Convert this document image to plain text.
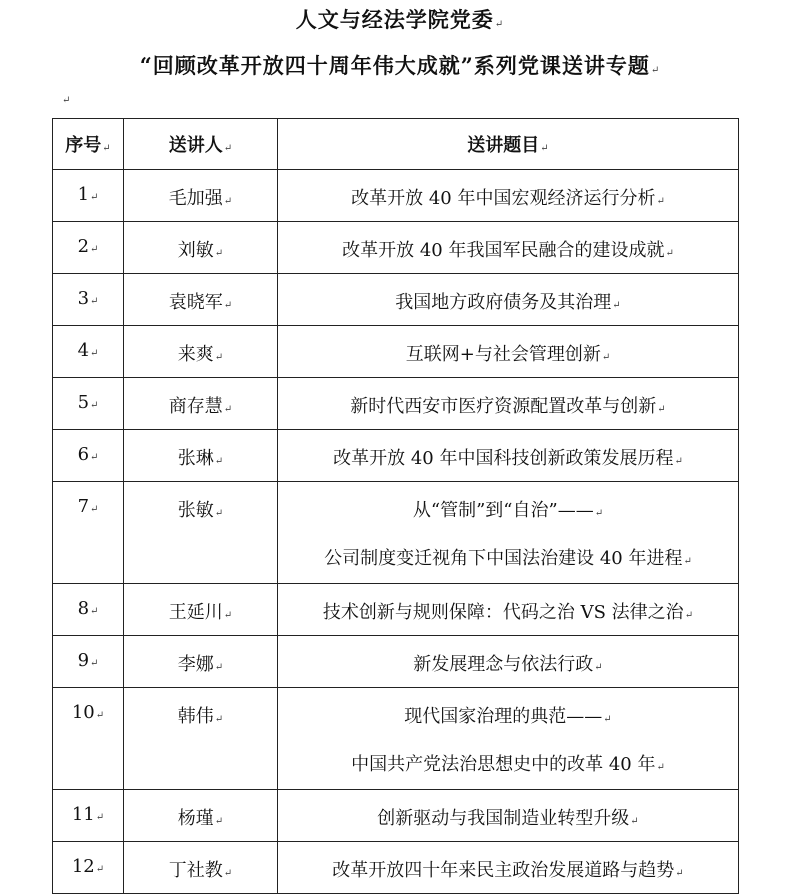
人文与经法学院党委↵
“回顾改革开放四十周年伟大成就”系列党课送讲专题↵
↵
序号↵	送讲人↵	送讲题目↵
1↵	毛加强↵	改革开放 40 年中国宏观经济运行分析↵
2↵	刘敏↵	改革开放 40 年我国军民融合的建设成就↵
3↵	袁晓军↵	我国地方政府债务及其治理↵
4↵	来爽↵	互联网+与社会管理创新↵
5↵	商存慧↵	新时代西安市医疗资源配置改革与创新↵
6↵	张琳↵	改革开放 40 年中国科技创新政策发展历程↵
7↵	张敏↵	从“管制”到“自治”——↵
公司制度变迁视角下中国法治建设 40 年进程↵

8↵	王延川↵	技术创新与规则保障：代码之治 VS 法律之治↵
9↵	李娜↵	新发展理念与依法行政↵
10↵	韩伟↵	现代国家治理的典范——↵
中国共产党法治思想史中的改革 40 年↵

11↵	杨瑾↵	创新驱动与我国制造业转型升级↵
12↵	丁社教↵	改革开放四十年来民主政治发展道路与趋势↵
